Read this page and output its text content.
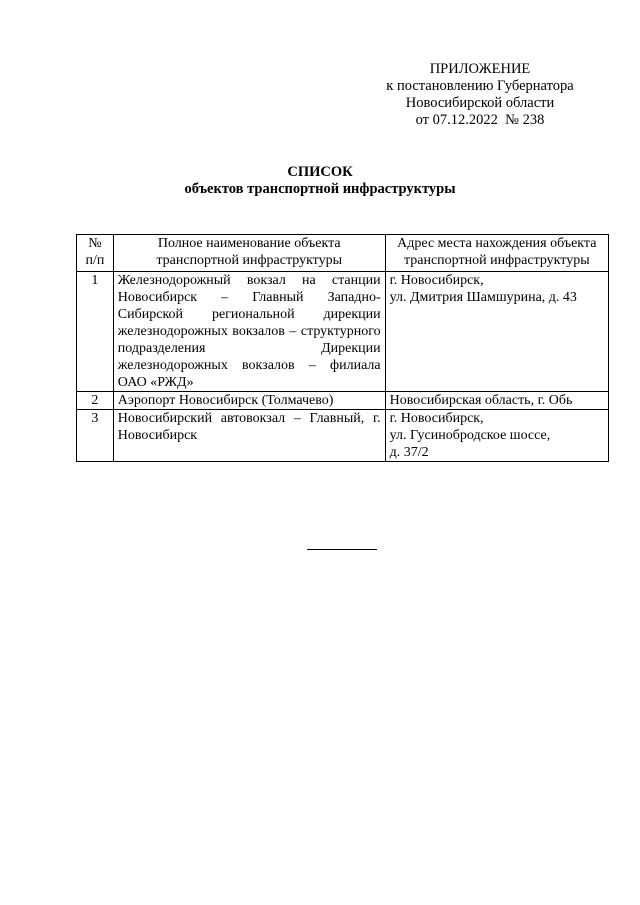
ПРИЛОЖЕНИЕ
к постановлению Губернатора
Новосибирской области
от 07.12.2022  № 238
СПИСОК
объектов транспортной инфраструктуры
№ п/п	Полное наименование объекта транспортной инфраструктуры	Адрес места нахождения объекта транспортной инфраструктуры
1	Железнодорожный вокзал на станции Новосибирск – Главный Западно-Сибирской региональной дирекции железнодорожных вокзалов – структурного подразделения Дирекции железнодорожных вокзалов – филиала ОАО «РЖД»	г. Новосибирск,
ул. Дмитрия Шамшурина, д. 43

2	Аэропорт Новосибирск (Толмачево)	Новосибирская область, г. Обь

3	Новосибирский автовокзал – Главный, г. Новосибирск	г. Новосибирск,
ул. Гусинобродское шоссе,
д. 37/2
